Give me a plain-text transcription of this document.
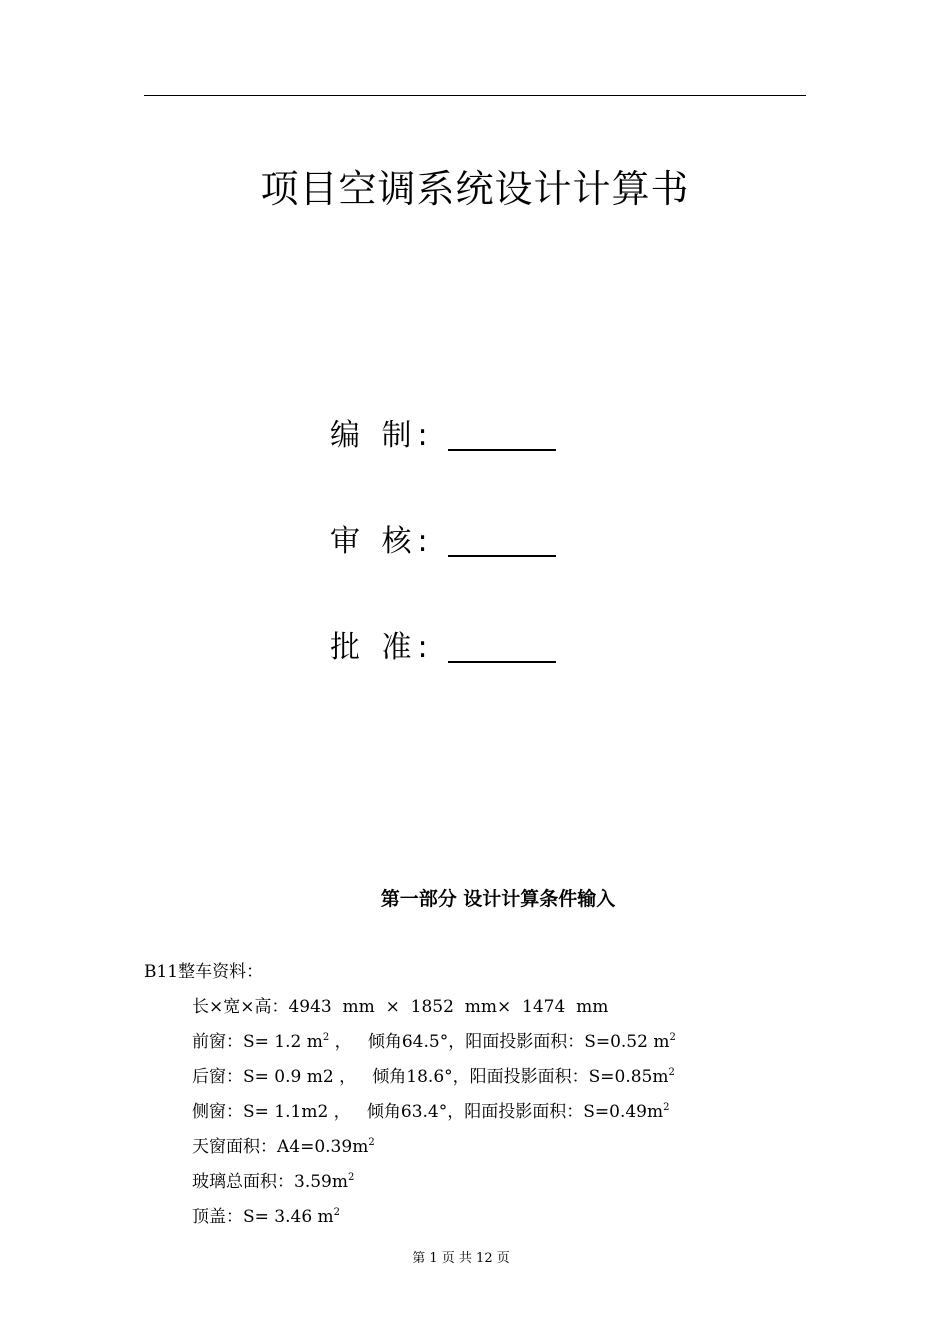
项目空调系统设计计算书
编 制:
审 核:
批 准:
第一部分 设计计算条件输入
B11整车资料：
长×宽×高：4943  mm  ×  1852  mm×  1474  mm
前窗：S= 1.2 $m^2$ ，   倾角64.5°，阳面投影面积：S=0.52 $m^2$
后窗：S= 0.9 m2 ，   倾角18.6°，阳面投影面积：$S=0.85m^2$
侧窗：S= 1.1m2 ，   倾角63.4°，阳面投影面积：$S=0.49m^2$
天窗面积：$A4=0.39m^2$
玻璃总面积：$3.59m^2$
顶盖：S= 3.46 $m^2$
第 1 页 共 12 页
